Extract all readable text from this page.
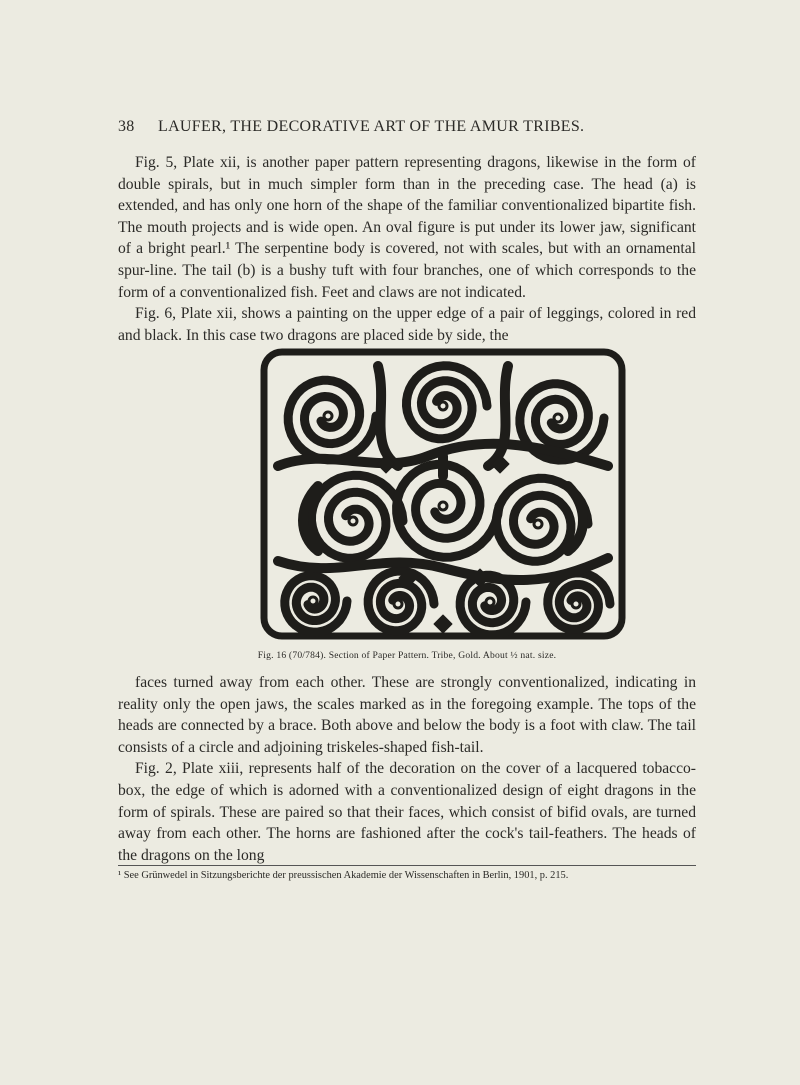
38 LAUFER, THE DECORATIVE ART OF THE AMUR TRIBES.

Fig. 5, Plate xii, is another paper pattern representing dragons, likewise in the form of double spirals, but in much simpler form than in the preceding case. The head (a) is extended, and has only one horn of the shape of the familiar conventionalized bipartite fish. The mouth projects and is wide open. An oval figure is put under its lower jaw, significant of a bright pearl.¹ The serpentine body is covered, not with scales, but with an ornamental spur-line. The tail (b) is a bushy tuft with four branches, one of which corresponds to the form of a conventionalized fish. Feet and claws are not indicated.

Fig. 6, Plate xii, shows a painting on the upper edge of a pair of leggings, colored in red and black. In this case two dragons are placed side by side, the

Fig. 16 (70/784). Section of Paper Pattern. Tribe, Gold. About ½ nat. size.

faces turned away from each other. These are strongly conventionalized, indicating in reality only the open jaws, the scales marked as in the foregoing example. The tops of the heads are connected by a brace. Both above and below the body is a foot with claw. The tail consists of a circle and adjoining triskeles-shaped fish-tail.

Fig. 2, Plate xiii, represents half of the decoration on the cover of a lacquered tobacco-box, the edge of which is adorned with a conventionalized design of eight dragons in the form of spirals. These are paired so that their faces, which consist of bifid ovals, are turned away from each other. The horns are fashioned after the cock's tail-feathers. The heads of the dragons on the long

¹ See Grünwedel in Sitzungsberichte der preussischen Akademie der Wissenschaften in Berlin, 1901, p. 215.
